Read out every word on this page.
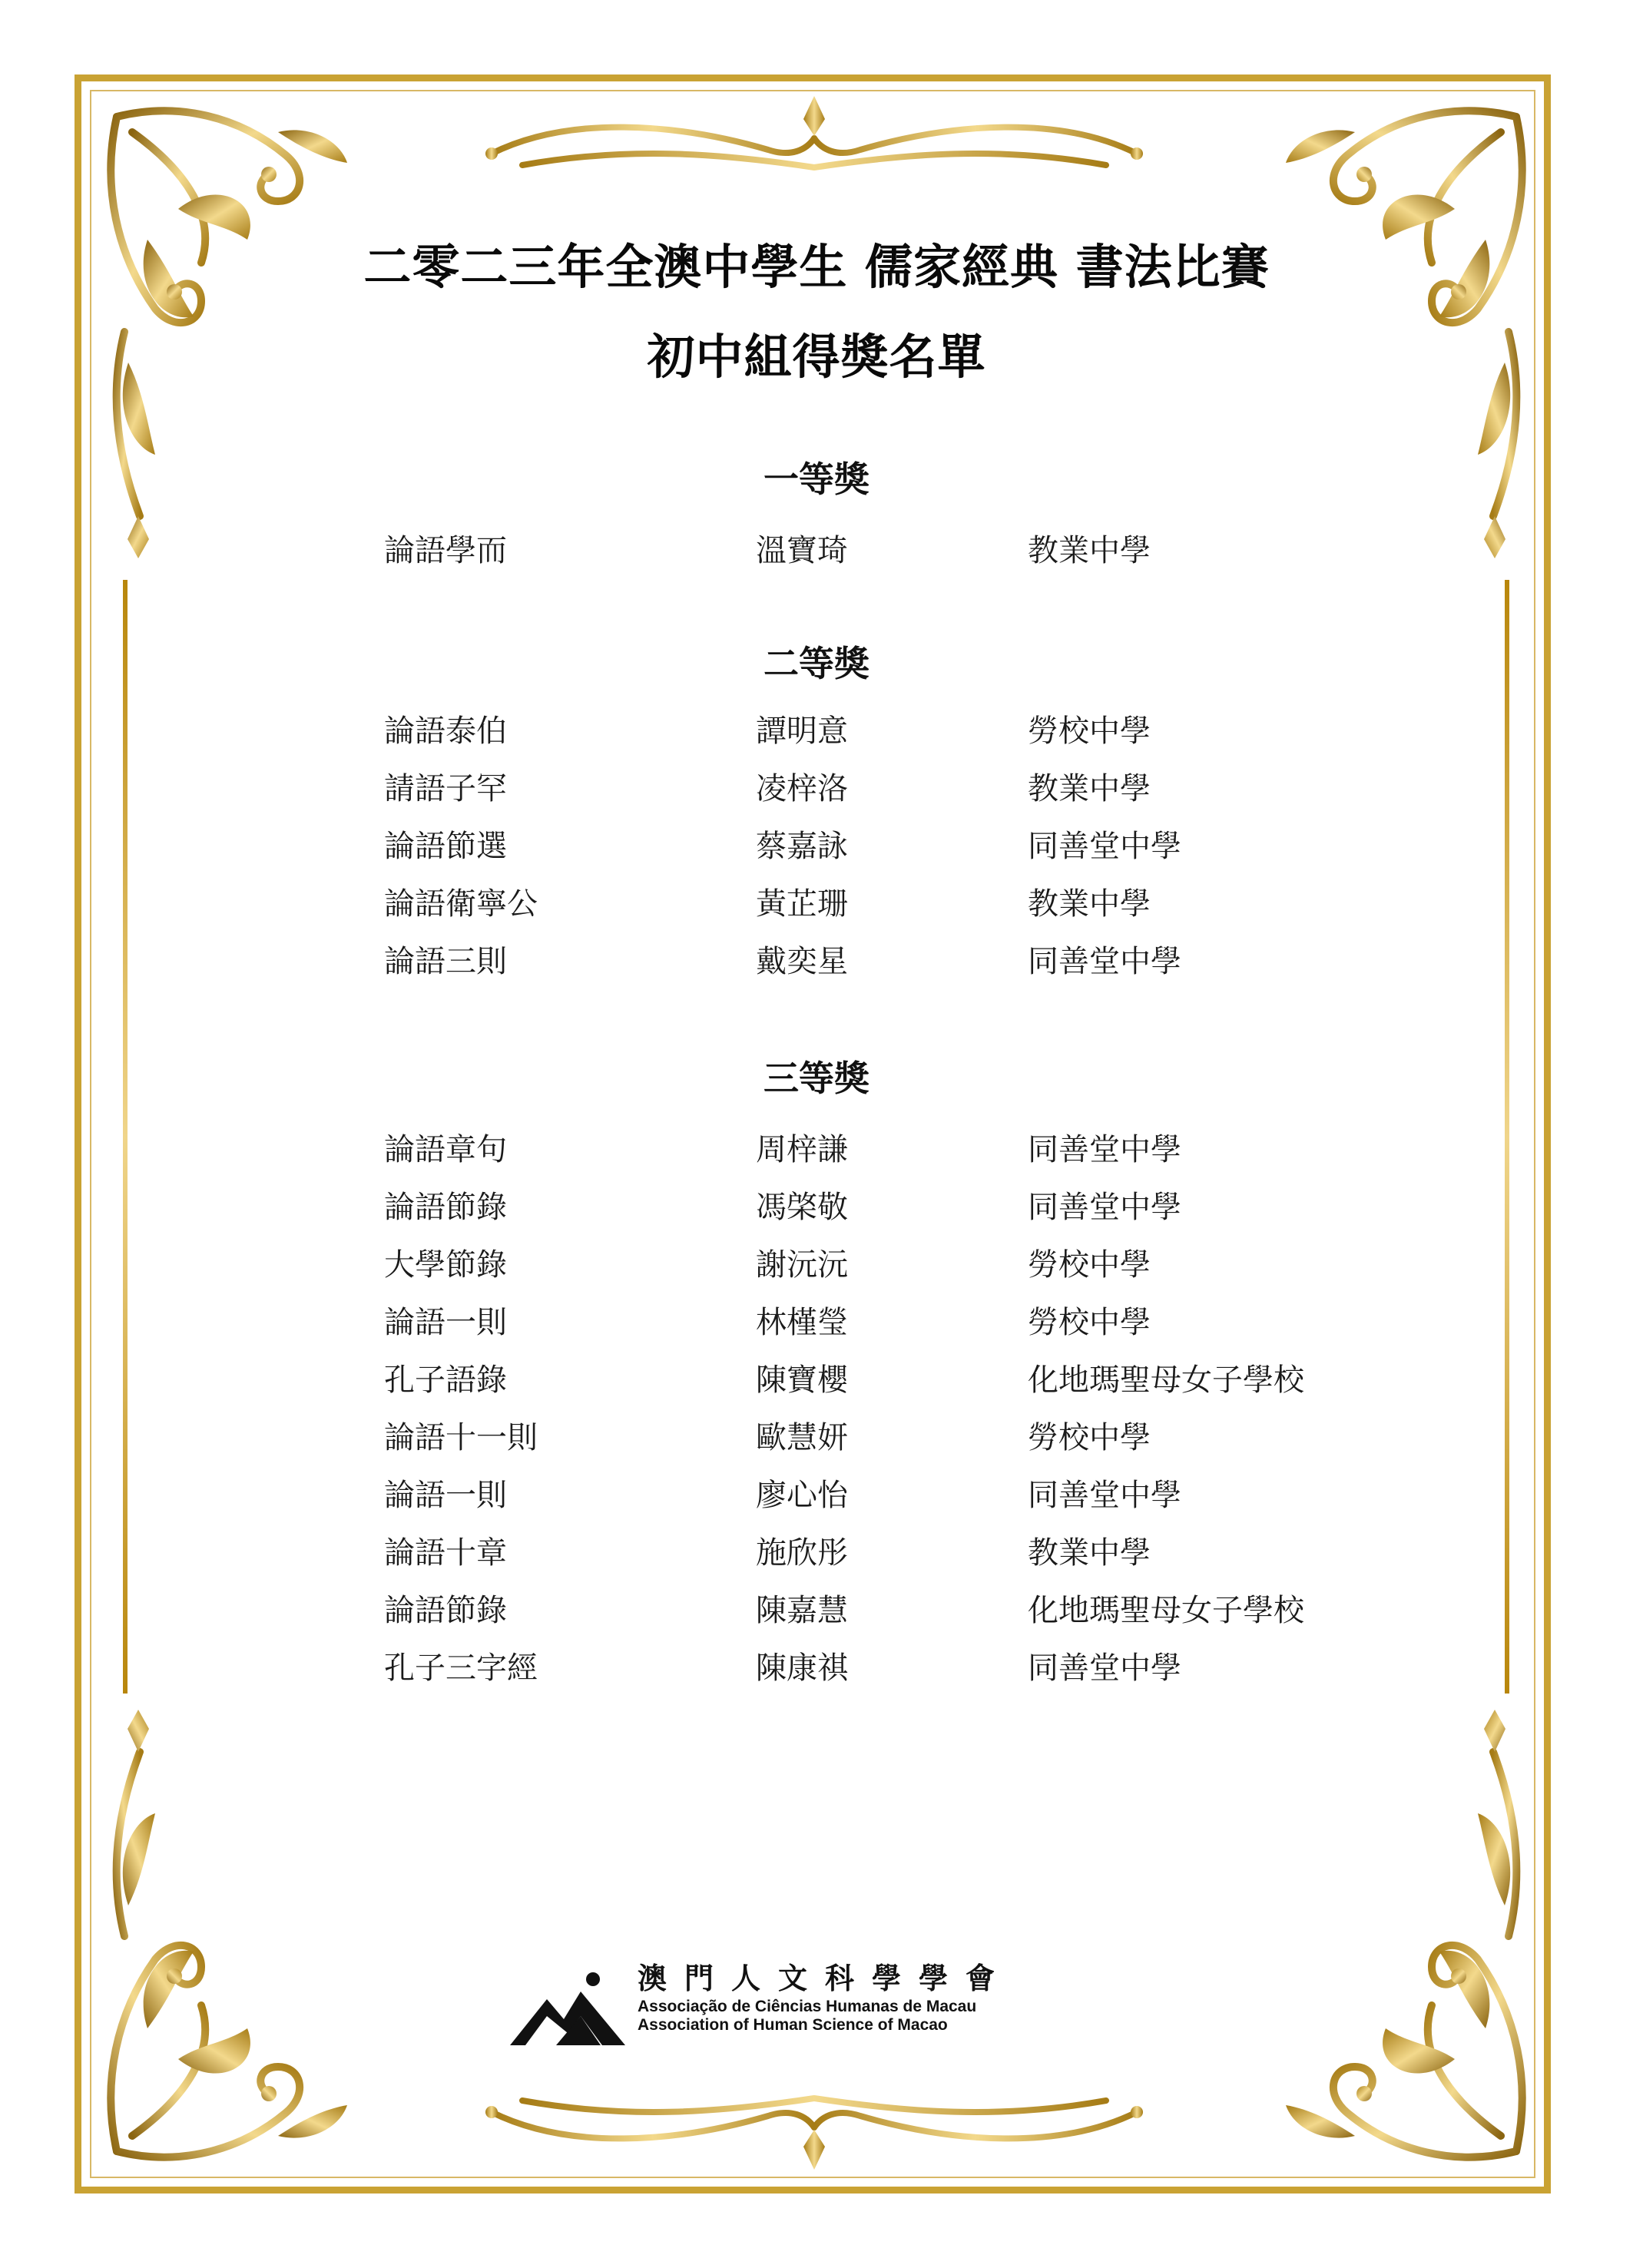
二零二三年全澳中學生 儒家經典 書法比賽
初中組得獎名單
一等獎
論語學而	溫寶琦	教業中學
二等獎
論語泰伯	譚明意	勞校中學
請語子罕	凌梓洛	教業中學
論語節選	蔡嘉詠	同善堂中學
論語衛寧公	黃芷珊	教業中學
論語三則	戴奕星	同善堂中學
三等獎
論語章句	周梓謙	同善堂中學
論語節錄	馮棨敬	同善堂中學
大學節錄	謝沅沅	勞校中學
論語一則	林槿瑩	勞校中學
孔子語錄	陳寶櫻	化地瑪聖母女子學校
論語十一則	歐慧妍	勞校中學
論語一則	廖心怡	同善堂中學
論語十章	施欣彤	教業中學
論語節錄	陳嘉慧	化地瑪聖母女子學校
孔子三字經	陳康祺	同善堂中學
澳門人文科學學會
Associação de Ciências Humanas de Macau
Association of Human Science of Macao
